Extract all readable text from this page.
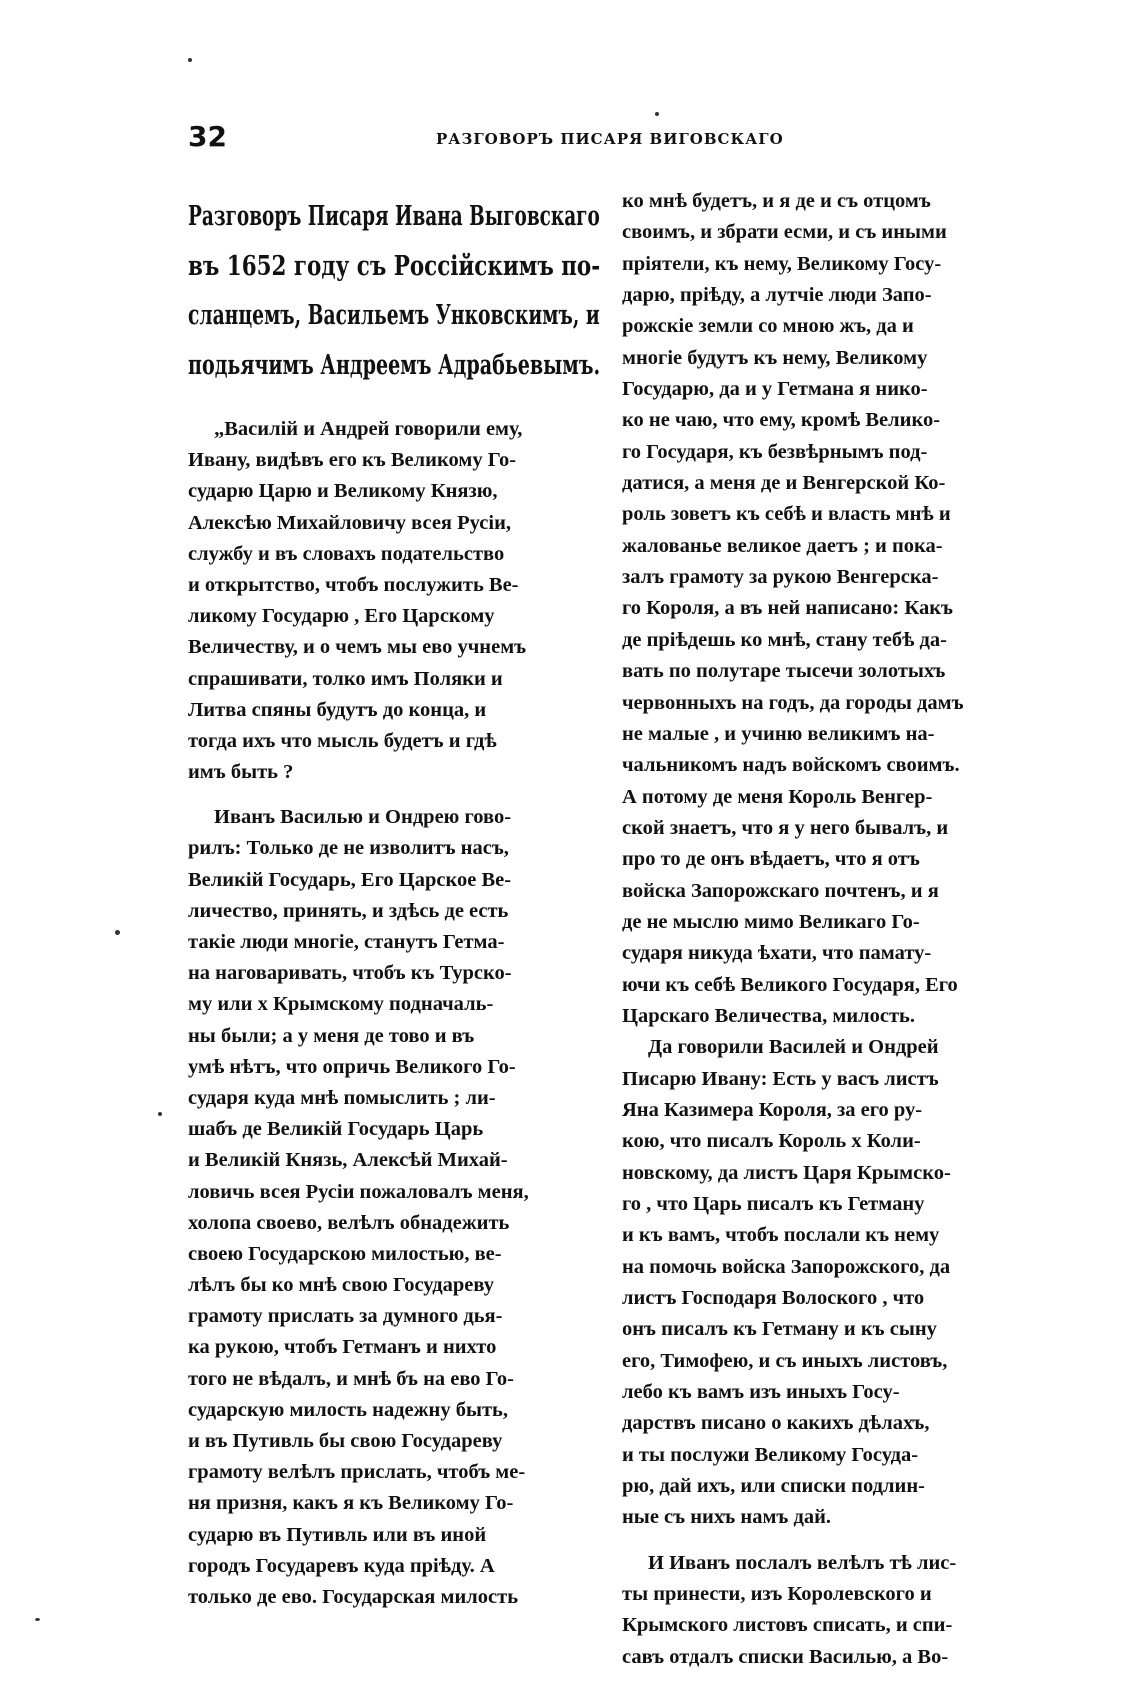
32	РАЗГОВОРЪ ПИСАРЯ ВИГОВСКАГО
Разговоръ Писаря Ивана Выговскаго
въ 1652 году съ Россійскимъ по-
сланцемъ, Васильемъ Унковскимъ, и
подьячимъ Андреемъ Адрабьевымъ.
„Василій и Андрей говорили ему,
Ивану, видѣвъ его къ Великому Го-
сударю Царю и Великому Князю,
Алексѣю Михайловичу всея Русіи,
службу и въ словахъ подательство
и открытство, чтобъ послужить Ве-
ликому Государю , Его Царскому
Величеству, и о чемъ мы ево учнемъ
спрашивати, толко имъ Поляки и
Литва спяны будутъ до конца, и
тогда ихъ что мысль будетъ и гдѣ
имъ быть ?
Иванъ Василью и Ондрею гово-
рилъ: Только де не изволитъ насъ,
Великій Государь, Его Царское Ве-
личество, принять, и здѣсь де есть
такіе люди многіе, станутъ Гетма-
на наговаривать, чтобъ къ Турско-
му или х Крымскому подначаль-
ны были; а у меня де тово и въ
умѣ нѣтъ, что опричь Великого Го-
сударя куда мнѣ помыслить ; ли-
шабъ де Великій Государь Царь
и Великій Князь, Алексѣй Михай-
ловичь всея Русіи пожаловалъ меня,
холопа своево, велѣлъ обнадежить
своею Государскою милостью, ве-
лѣлъ бы ко мнѣ свою Государеву
грамоту прислать за думного дья-
ка рукою, чтобъ Гетманъ и нихто
того не вѣдалъ, и мнѣ бъ на ево Го-
сударскую милость надежну быть,
и въ Путивль бы свою Государеву
грамоту велѣлъ прислать, чтобъ ме-
ня призня, какъ я къ Великому Го-
сударю въ Путивль или въ иной
городъ Государевъ куда пріѣду. А
только де ево. Государская милость
ко мнѣ будетъ, и я де и съ отцомъ
своимъ, и збрати есми, и съ иными
пріятели, къ нему, Великому Госу-
дарю, пріѣду, а лутчіе люди Запо-
рожскіе земли со мною жъ, да и
многіе будутъ къ нему, Великому
Государю, да и у Гетмана я нико-
ко не чаю, что ему, кромѣ Велико-
го Государя, къ безвѣрнымъ под-
датися, а меня де и Венгерской Ко-
роль зоветъ къ себѣ и власть мнѣ и
жалованье великое даетъ ; и пока-
залъ грамоту за рукою Венгерска-
го Короля, а въ ней написано: Какъ
де пріѣдешь ко мнѣ, стану тебѣ да-
вать по полутаре тысечи золотыхъ
червонныхъ на годъ, да городы дамъ
не малые , и учиню великимъ на-
чальникомъ надъ войскомъ своимъ.
А потому де меня Король Венгер-
ской знаетъ, что я у него бывалъ, и
про то де онъ вѣдаетъ, что я отъ
войска Запорожскаго почтенъ, и я
де не мыслю мимо Великагo Го-
сударя никуда ѣхати, что памату-
ючи къ себѣ Великого Государя, Его
Царскаго Величества, милость.
Да говорили Василей и Ондрей
Писарю Ивану: Есть у васъ листъ
Яна Казимера Короля, за его ру-
кою, что писалъ Король х Коли-
новскому, да листъ Царя Крымско-
го , что Царь писалъ къ Гетману
и къ вамъ, чтобъ послали къ нему
на помочь войска Запорожского, да
листъ Господаря Волоского , что
онъ писалъ къ Гетману и къ сыну
его, Тимофею, и съ иныхъ листовъ,
лебо къ вамъ изъ иныхъ Госу-
дарствъ писано о какихъ дѣлахъ,
и ты послужи Великому Госуда-
рю, дай ихъ, или списки подлин-
ные съ нихъ намъ дай.
И Иванъ послалъ велѣлъ тѣ лис-
ты принести, изъ Королевского и
Крымского листовъ списать, и спи-
савъ отдалъ списки Василью, а Во-
